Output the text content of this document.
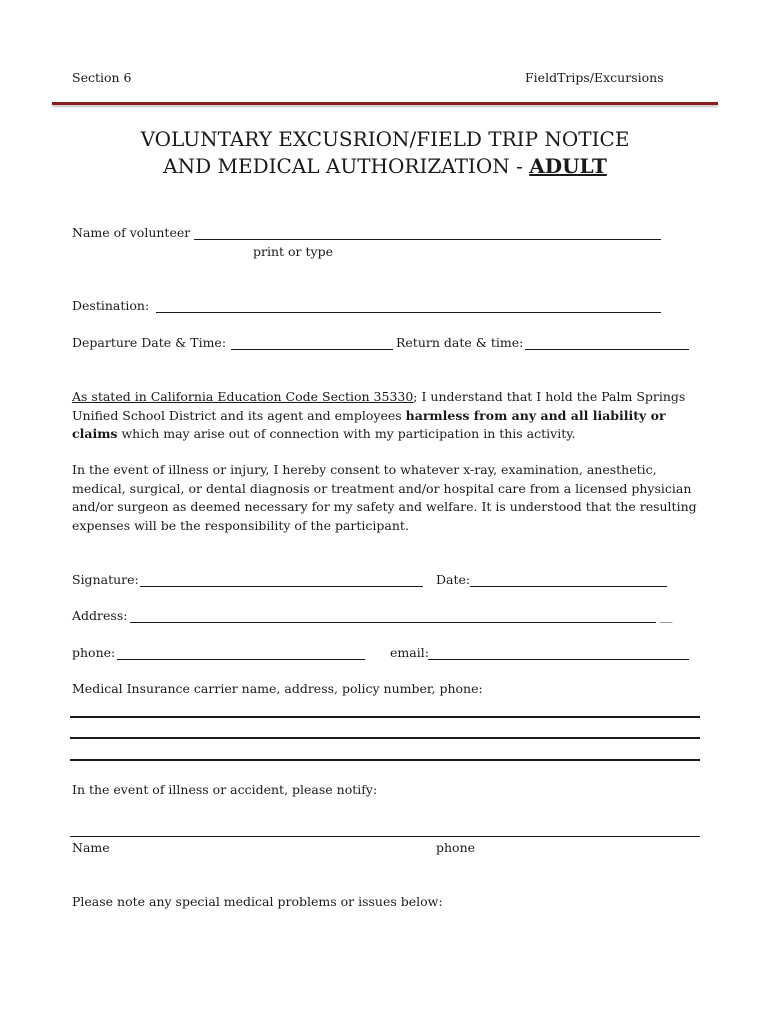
Section 6	FieldTrips/Excursions
VOLUNTARY EXCUSRION/FIELD TRIP NOTICE
AND MEDICAL AUTHORIZATION - ADULT
Name of volunteer
print or type
Destination:
Departure Date & Time:	Return date & time:
As stated in California Education Code Section 35330; I understand that I hold the Palm Springs Unified School District and its agent and employees harmless from any and all liability or claims which may arise out of connection with my participation in this activity.
In the event of illness or injury, I hereby consent to whatever x-ray, examination, anesthetic, medical, surgical, or dental diagnosis or treatment and/or hospital care from a licensed physician and/or surgeon as deemed necessary for my safety and welfare. It is understood that the resulting expenses will be the responsibility of the participant.
Signature:	Date:
Address:	__
phone:	email:
Medical Insurance carrier name, address, policy number, phone:
In the event of illness or accident, please notify:
Name	phone
Please note any special medical problems or issues below:
